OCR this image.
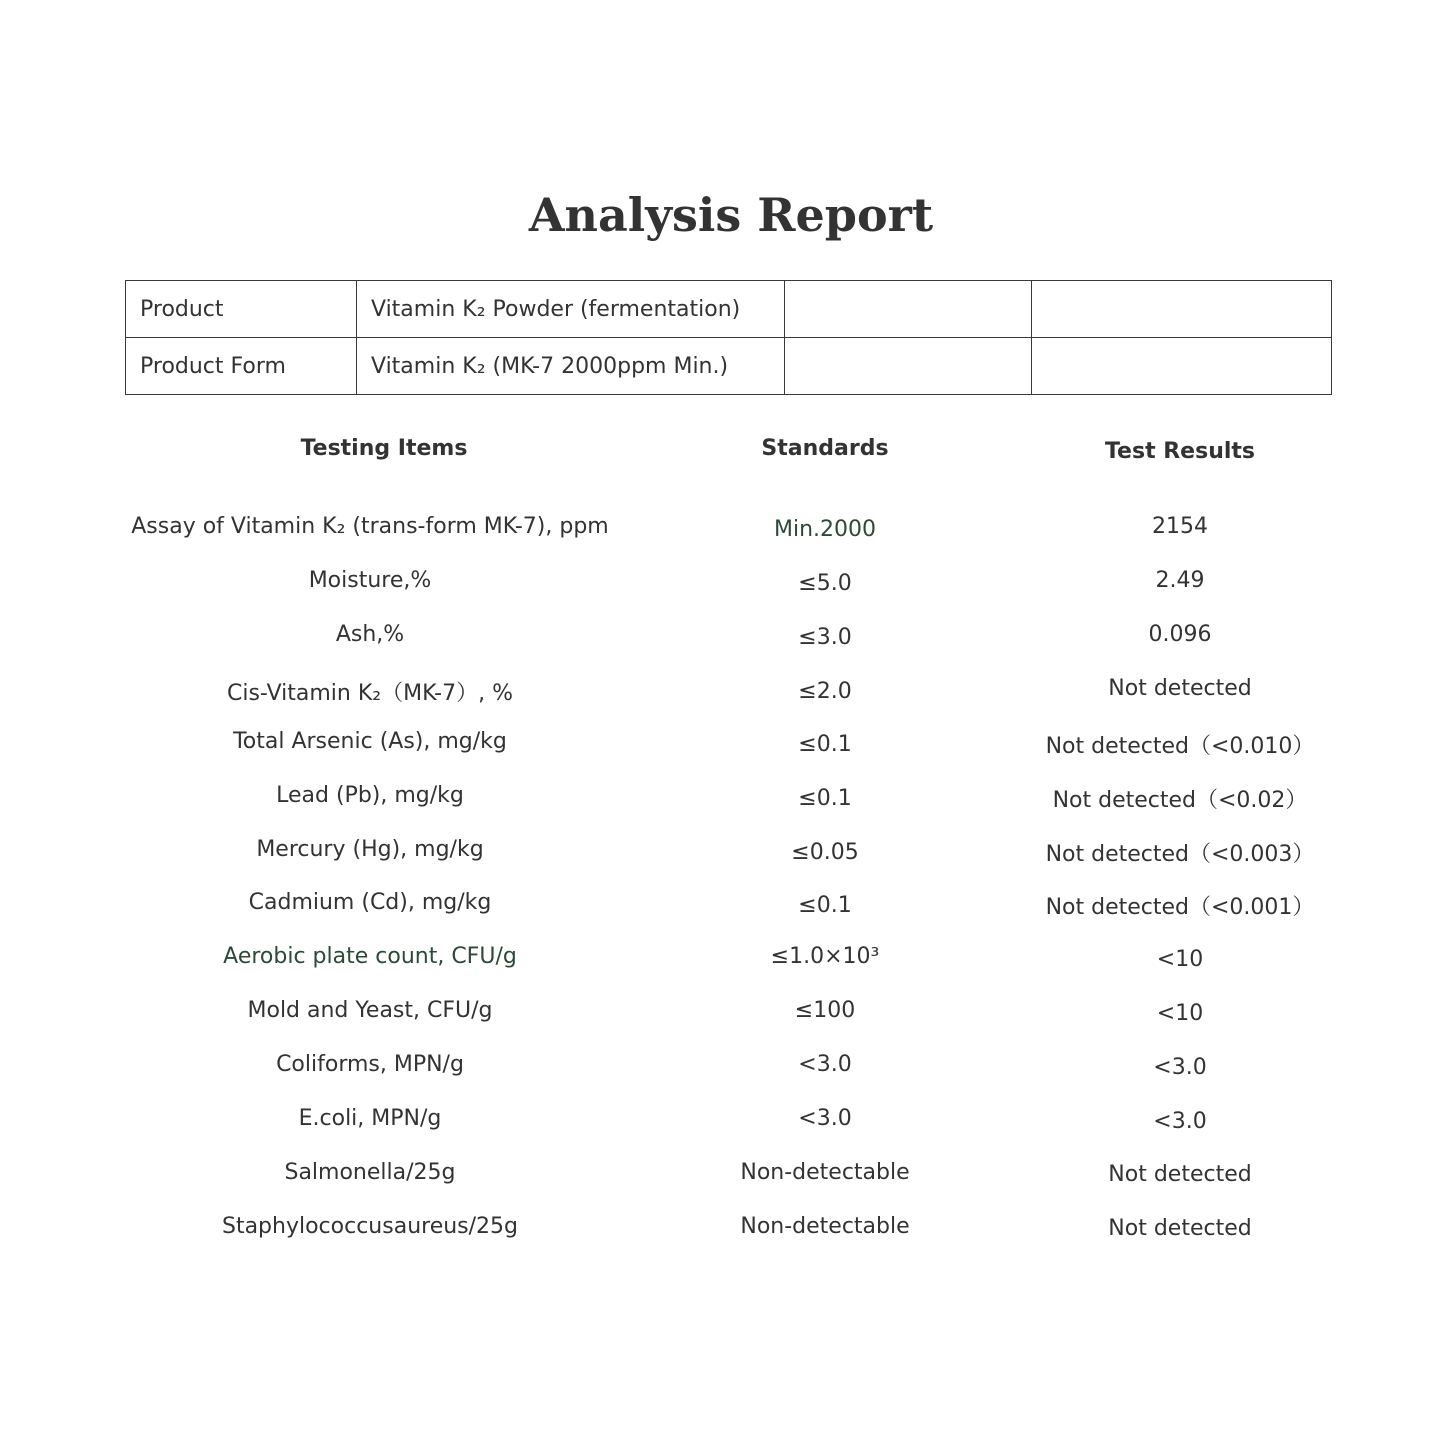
Analysis Report
Product	Vitamin K₂ Powder (fermentation)		
Product Form	Vitamin K₂ (MK-7 2000ppm Min.)		
Testing Items	Standards	Test Results
Assay of Vitamin K₂ (trans-form MK-7), ppm	Min.2000	2154
Moisture,%	≤5.0	2.49
Ash,%	≤3.0	0.096
Cis-Vitamin K₂（MK-7）, %	≤2.0	Not detected
Total Arsenic (As), mg/kg	≤0.1	Not detected（<0.010）
Lead (Pb), mg/kg	≤0.1	Not detected（<0.02）
Mercury (Hg), mg/kg	≤0.05	Not detected（<0.003）
Cadmium (Cd), mg/kg	≤0.1	Not detected（<0.001）
Aerobic plate count, CFU/g	≤1.0×10³	<10
Mold and Yeast, CFU/g	≤100	<10
Coliforms, MPN/g	<3.0	<3.0
E.coli, MPN/g	<3.0	<3.0
Salmonella/25g	Non-detectable	Not detected
Staphylococcusaureus/25g	Non-detectable	Not detected
